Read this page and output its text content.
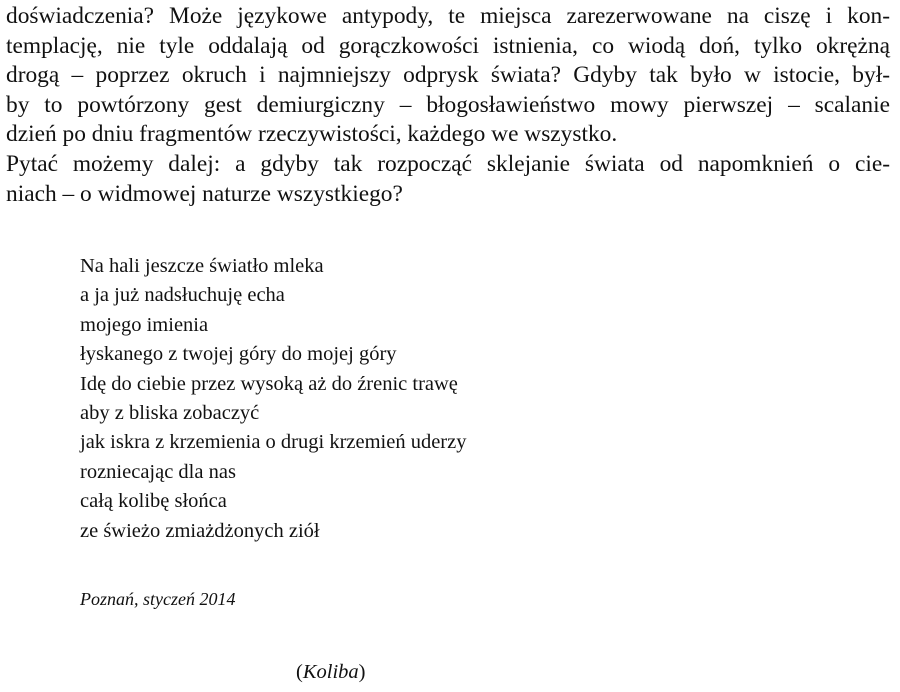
doświadczenia? Może językowe antypody, te miejsca zarezerwowane na ciszę i kon-
templację, nie tyle oddalają od gorączkowości istnienia, co wiodą doń, tylko okrężną
drogą – poprzez okruch i najmniejszy odprysk świata? Gdyby tak było w istocie, był-
by to powtórzony gest demiurgiczny – błogosławieństwo mowy pierwszej – scalanie
dzień po dniu fragmentów rzeczywistości, każdego we wszystko.
Pytać możemy dalej: a gdyby tak rozpocząć sklejanie świata od napomknień o cie-
niach – o widmowej naturze wszystkiego?
Na hali jeszcze światło mleka
a ja już nadsłuchuję echa
mojego imienia
łyskanego z twojej góry do mojej góry
Idę do ciebie przez wysoką aż do źrenic trawę
aby z bliska zobaczyć
jak iskra z krzemienia o drugi krzemień uderzy
rozniecając dla nas
całą kolibę słońca
ze świeżo zmiażdżonych ziół
Poznań, styczeń 2014
(Koliba)
